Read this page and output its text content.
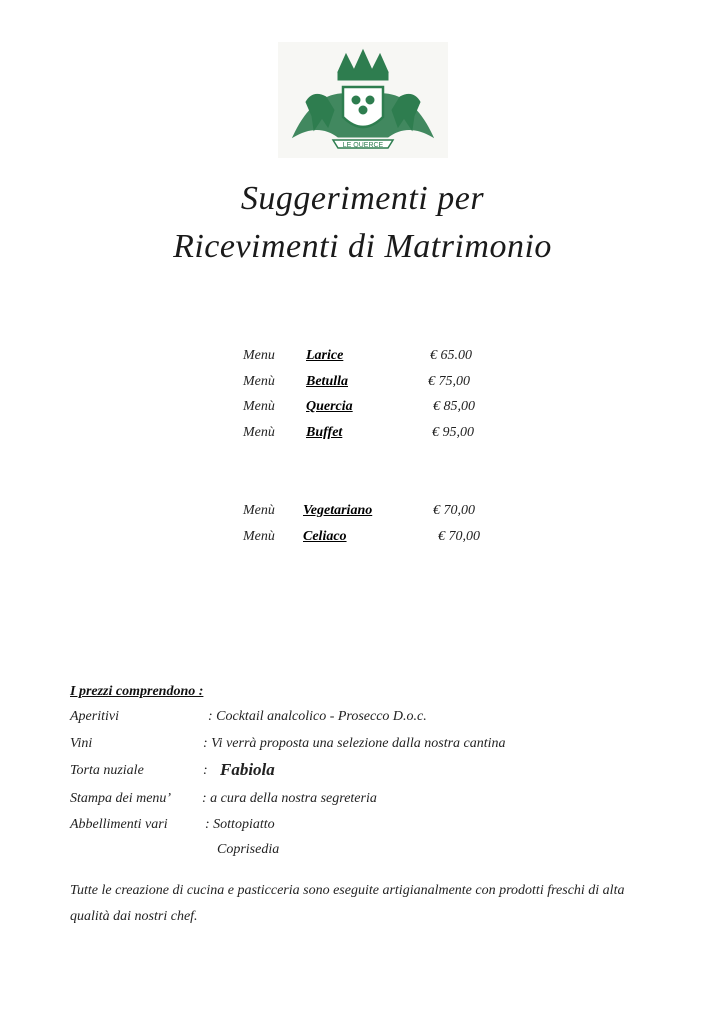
LE QUERCE
Suggerimenti per
Ricevimenti di Matrimonio
Menu Larice	€ 65.00
Menù Betulla	€ 75,00
Menù Quercia	€ 85,00
Menù Buffet	€ 95,00
Menù Vegetariano	€ 70,00
Menù Celiaco	€ 70,00
I prezzi comprendono :
Aperitivi	: Cocktail analcolico - Prosecco D.o.c.
Vini	: Vi verrà proposta una selezione dalla nostra cantina
Torta nuziale	: Fabiola
Stampa dei menu’ : a cura della nostra segreteria
Abbellimenti vari	: Sottopiatto
Coprisedia
Tutte le creazione di cucina e pasticceria sono eseguite artigianalmente con prodotti freschi di alta qualità dai nostri chef.
